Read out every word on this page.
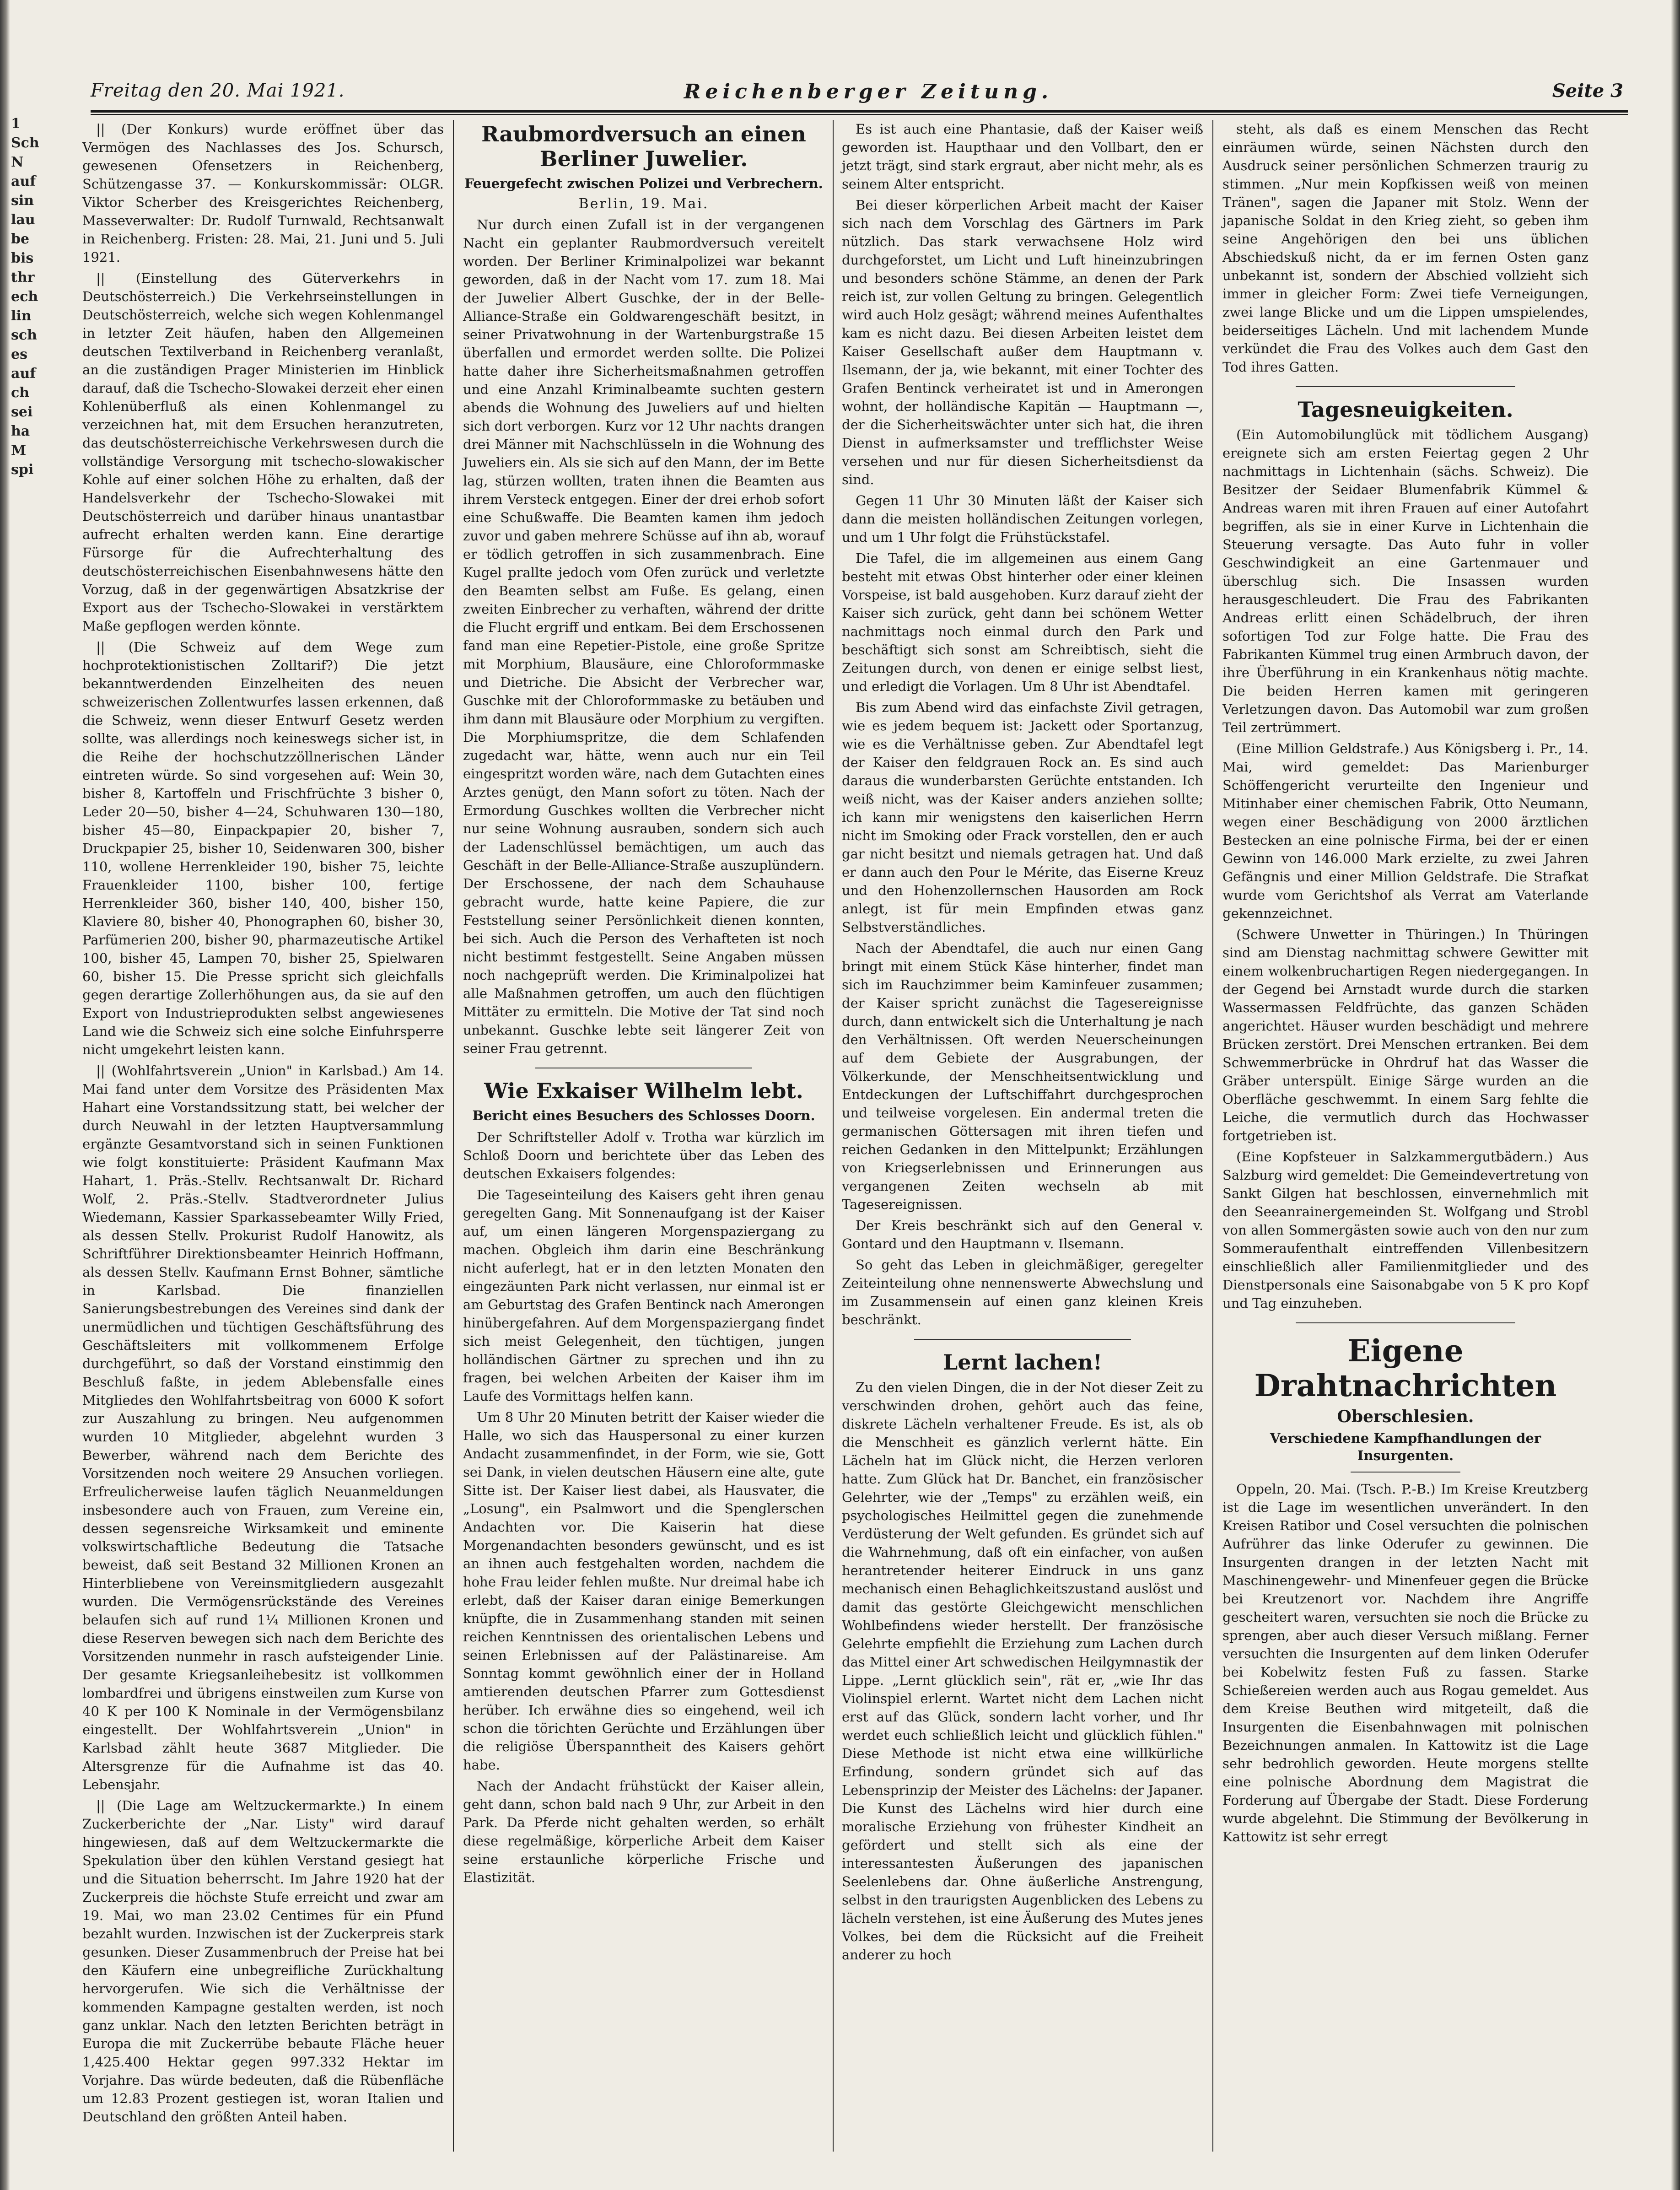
1
Sch
N
auf
sin
lau
be
bis
thr
ech
lin
sch
es
auf
ch
sei
ha
M
spi
Freitag den 20. Mai 1921.	Reichenberger Zeitung.	Seite 3

|| (Der Konkurs) wurde eröffnet über das Vermögen des Nachlasses des Jos. Schursch, gewesenen Ofensetzers in Reichenberg, Schützengasse 37. — Konkurskommissär: OLGR. Viktor Scherber des Kreisgerichtes Reichenberg, Masseverwalter: Dr. Rudolf Turnwald, Rechtsanwalt in Reichenberg. Fristen: 28. Mai, 21. Juni und 5. Juli 1921.

|| (Einstellung des Güterverkehrs in Deutschösterreich.) Die Verkehrseinstellungen in Deutschösterreich, welche sich wegen Kohlenmangel in letzter Zeit häufen, haben den Allgemeinen deutschen Textilverband in Reichenberg veranlaßt, an die zuständigen Prager Ministerien im Hinblick darauf, daß die Tschecho-Slowakei derzeit eher einen Kohlenüberfluß als einen Kohlenmangel zu verzeichnen hat, mit dem Ersuchen heranzutreten, das deutschösterreichische Verkehrswesen durch die vollständige Versorgung mit tschecho-slowakischer Kohle auf einer solchen Höhe zu erhalten, daß der Handelsverkehr der Tschecho-Slowakei mit Deutschösterreich und darüber hinaus unantastbar aufrecht erhalten werden kann. Eine derartige Fürsorge für die Aufrechterhaltung des deutschösterreichischen Eisenbahnwesens hätte den Vorzug, daß in der gegenwärtigen Absatzkrise der Export aus der Tschecho-Slowakei in verstärktem Maße gepflogen werden könnte.

|| (Die Schweiz auf dem Wege zum hochprotektionistischen Zolltarif?) Die jetzt bekanntwerdenden Einzelheiten des neuen schweizerischen Zollentwurfes lassen erkennen, daß die Schweiz, wenn dieser Entwurf Gesetz werden sollte, was allerdings noch keineswegs sicher ist, in die Reihe der hochschutzzöllnerischen Länder eintreten würde. So sind vorgesehen auf: Wein 30, bisher 8, Kartoffeln und Frischfrüchte 3 bisher 0, Leder 20—50, bisher 4—24, Schuhwaren 130—180, bisher 45—80, Einpackpapier 20, bisher 7, Druckpapier 25, bisher 10, Seidenwaren 300, bisher 110, wollene Herrenkleider 190, bisher 75, leichte Frauenkleider 1100, bisher 100, fertige Herrenkleider 360, bisher 140, 400, bisher 150, Klaviere 80, bisher 40, Phonographen 60, bisher 30, Parfümerien 200, bisher 90, pharmazeutische Artikel 100, bisher 45, Lampen 70, bisher 25, Spielwaren 60, bisher 15. Die Presse spricht sich gleichfalls gegen derartige Zollerhöhungen aus, da sie auf den Export von Industrieprodukten selbst angewiesenes Land wie die Schweiz sich eine solche Einfuhrsperre nicht umgekehrt leisten kann.

|| (Wohlfahrtsverein „Union" in Karlsbad.) Am 14. Mai fand unter dem Vorsitze des Präsidenten Max Hahart eine Vorstandssitzung statt, bei welcher der durch Neuwahl in der letzten Hauptversammlung ergänzte Gesamtvorstand sich in seinen Funktionen wie folgt konstituierte: Präsident Kaufmann Max Hahart, 1. Präs.-Stellv. Rechtsanwalt Dr. Richard Wolf, 2. Präs.-Stellv. Stadtverordneter Julius Wiedemann, Kassier Sparkassebeamter Willy Fried, als dessen Stellv. Prokurist Rudolf Hanowitz, als Schriftführer Direktionsbeamter Heinrich Hoffmann, als dessen Stellv. Kaufmann Ernst Bohner, sämtliche in Karlsbad. Die finanziellen Sanierungsbestrebungen des Vereines sind dank der unermüdlichen und tüchtigen Geschäftsführung des Geschäftsleiters mit vollkommenem Erfolge durchgeführt, so daß der Vorstand einstimmig den Beschluß faßte, in jedem Ablebensfalle eines Mitgliedes den Wohlfahrtsbeitrag von 6000 K sofort zur Auszahlung zu bringen. Neu aufgenommen wurden 10 Mitglieder, abgelehnt wurden 3 Bewerber, während nach dem Berichte des Vorsitzenden noch weitere 29 Ansuchen vorliegen. Erfreulicherweise laufen täglich Neuanmeldungen insbesondere auch von Frauen, zum Vereine ein, dessen segensreiche Wirksamkeit und eminente volkswirtschaftliche Bedeutung die Tatsache beweist, daß seit Bestand 32 Millionen Kronen an Hinterbliebene von Vereinsmitgliedern ausgezahlt wurden. Die Vermögensrückstände des Vereines belaufen sich auf rund 1¼ Millionen Kronen und diese Reserven bewegen sich nach dem Berichte des Vorsitzenden nunmehr in rasch aufsteigender Linie. Der gesamte Kriegsanleihebesitz ist vollkommen lombardfrei und übrigens einstweilen zum Kurse von 40 K per 100 K Nominale in der Vermögensbilanz eingestellt. Der Wohlfahrtsverein „Union" in Karlsbad zählt heute 3687 Mitglieder. Die Altersgrenze für die Aufnahme ist das 40. Lebensjahr.

|| (Die Lage am Weltzuckermarkte.) In einem Zuckerberichte der „Nar. Listy" wird darauf hingewiesen, daß auf dem Weltzuckermarkte die Spekulation über den kühlen Verstand gesiegt hat und die Situation beherrscht. Im Jahre 1920 hat der Zuckerpreis die höchste Stufe erreicht und zwar am 19. Mai, wo man 23.02 Centimes für ein Pfund bezahlt wurden. Inzwischen ist der Zuckerpreis stark gesunken. Dieser Zusammenbruch der Preise hat bei den Käufern eine unbegreifliche Zurückhaltung hervorgerufen. Wie sich die Verhältnisse der kommenden Kampagne gestalten werden, ist noch ganz unklar. Nach den letzten Berichten beträgt in Europa die mit Zuckerrübe bebaute Fläche heuer 1,425.400 Hektar gegen 997.332 Hektar im Vorjahre. Das würde bedeuten, daß die Rübenfläche um 12.83 Prozent gestiegen ist, woran Italien und Deutschland den größten Anteil haben.

Raubmordversuch an einen Berliner Juwelier.
Feuergefecht zwischen Polizei und Verbrechern.
Berlin, 19. Mai.

Nur durch einen Zufall ist in der vergangenen Nacht ein geplanter Raubmordversuch vereitelt worden. Der Berliner Kriminalpolizei war bekannt geworden, daß in der Nacht vom 17. zum 18. Mai der Juwelier Albert Guschke, der in der Belle-Alliance-Straße ein Goldwarengeschäft besitzt, in seiner Privatwohnung in der Wartenburgstraße 15 überfallen und ermordet werden sollte. Die Polizei hatte daher ihre Sicherheitsmaßnahmen getroffen und eine Anzahl Kriminalbeamte suchten gestern abends die Wohnung des Juweliers auf und hielten sich dort verborgen. Kurz vor 12 Uhr nachts drangen drei Männer mit Nachschlüsseln in die Wohnung des Juweliers ein. Als sie sich auf den Mann, der im Bette lag, stürzen wollten, traten ihnen die Beamten aus ihrem Versteck entgegen. Einer der drei erhob sofort eine Schußwaffe. Die Beamten kamen ihm jedoch zuvor und gaben mehrere Schüsse auf ihn ab, worauf er tödlich getroffen in sich zusammenbrach. Eine Kugel prallte jedoch vom Ofen zurück und verletzte den Beamten selbst am Fuße. Es gelang, einen zweiten Einbrecher zu verhaften, während der dritte die Flucht ergriff und entkam. Bei dem Erschossenen fand man eine Repetier-Pistole, eine große Spritze mit Morphium, Blausäure, eine Chloroformmaske und Dietriche. Die Absicht der Verbrecher war, Guschke mit der Chloroformmaske zu betäuben und ihm dann mit Blausäure oder Morphium zu vergiften. Die Morphiumspritze, die dem Schlafenden zugedacht war, hätte, wenn auch nur ein Teil eingespritzt worden wäre, nach dem Gutachten eines Arztes genügt, den Mann sofort zu töten. Nach der Ermordung Guschkes wollten die Verbrecher nicht nur seine Wohnung ausrauben, sondern sich auch der Ladenschlüssel bemächtigen, um auch das Geschäft in der Belle-Alliance-Straße auszuplündern. Der Erschossene, der nach dem Schauhause gebracht wurde, hatte keine Papiere, die zur Feststellung seiner Persönlichkeit dienen konnten, bei sich. Auch die Person des Verhafteten ist noch nicht bestimmt festgestellt. Seine Angaben müssen noch nachgeprüft werden. Die Kriminalpolizei hat alle Maßnahmen getroffen, um auch den flüchtigen Mittäter zu ermitteln. Die Motive der Tat sind noch unbekannt. Guschke lebte seit längerer Zeit von seiner Frau getrennt.

Wie Exkaiser Wilhelm lebt.
Bericht eines Besuchers des Schlosses Doorn.

Der Schriftsteller Adolf v. Trotha war kürzlich im Schloß Doorn und berichtete über das Leben des deutschen Exkaisers folgendes:

Die Tageseinteilung des Kaisers geht ihren genau geregelten Gang. Mit Sonnenaufgang ist der Kaiser auf, um einen längeren Morgenspaziergang zu machen. Obgleich ihm darin eine Beschränkung nicht auferlegt, hat er in den letzten Monaten den eingezäunten Park nicht verlassen, nur einmal ist er am Geburtstag des Grafen Bentinck nach Amerongen hinübergefahren. Auf dem Morgenspaziergang findet sich meist Gelegenheit, den tüchtigen, jungen holländischen Gärtner zu sprechen und ihn zu fragen, bei welchen Arbeiten der Kaiser ihm im Laufe des Vormittags helfen kann.

Um 8 Uhr 20 Minuten betritt der Kaiser wieder die Halle, wo sich das Hauspersonal zu einer kurzen Andacht zusammenfindet, in der Form, wie sie, Gott sei Dank, in vielen deutschen Häusern eine alte, gute Sitte ist. Der Kaiser liest dabei, als Hausvater, die „Losung", ein Psalmwort und die Spenglerschen Andachten vor. Die Kaiserin hat diese Morgenandachten besonders gewünscht, und es ist an ihnen auch festgehalten worden, nachdem die hohe Frau leider fehlen mußte. Nur dreimal habe ich erlebt, daß der Kaiser daran einige Bemerkungen knüpfte, die in Zusammenhang standen mit seinen reichen Kenntnissen des orientalischen Lebens und seinen Erlebnissen auf der Palästinareise. Am Sonntag kommt gewöhnlich einer der in Holland amtierenden deutschen Pfarrer zum Gottesdienst herüber. Ich erwähne dies so eingehend, weil ich schon die törichten Gerüchte und Erzählungen über die religiöse Überspanntheit des Kaisers gehört habe.

Nach der Andacht frühstückt der Kaiser allein, geht dann, schon bald nach 9 Uhr, zur Arbeit in den Park. Da Pferde nicht gehalten werden, so erhält diese regelmäßige, körperliche Arbeit dem Kaiser seine erstaunliche körperliche Frische und Elastizität.

Es ist auch eine Phantasie, daß der Kaiser weiß geworden ist. Haupthaar und den Vollbart, den er jetzt trägt, sind stark ergraut, aber nicht mehr, als es seinem Alter entspricht.

Bei dieser körperlichen Arbeit macht der Kaiser sich nach dem Vorschlag des Gärtners im Park nützlich. Das stark verwachsene Holz wird durchgeforstet, um Licht und Luft hineinzubringen und besonders schöne Stämme, an denen der Park reich ist, zur vollen Geltung zu bringen. Gelegentlich wird auch Holz gesägt; während meines Aufenthaltes kam es nicht dazu. Bei diesen Arbeiten leistet dem Kaiser Gesellschaft außer dem Hauptmann v. Ilsemann, der ja, wie bekannt, mit einer Tochter des Grafen Bentinck verheiratet ist und in Amerongen wohnt, der holländische Kapitän — Hauptmann —, der die Sicherheitswächter unter sich hat, die ihren Dienst in aufmerksamster und trefflichster Weise versehen und nur für diesen Sicherheitsdienst da sind.

Gegen 11 Uhr 30 Minuten läßt der Kaiser sich dann die meisten holländischen Zeitungen vorlegen, und um 1 Uhr folgt die Frühstückstafel.

Die Tafel, die im allgemeinen aus einem Gang besteht mit etwas Obst hinterher oder einer kleinen Vorspeise, ist bald ausgehoben. Kurz darauf zieht der Kaiser sich zurück, geht dann bei schönem Wetter nachmittags noch einmal durch den Park und beschäftigt sich sonst am Schreibtisch, sieht die Zeitungen durch, von denen er einige selbst liest, und erledigt die Vorlagen. Um 8 Uhr ist Abendtafel.

Bis zum Abend wird das einfachste Zivil getragen, wie es jedem bequem ist: Jackett oder Sportanzug, wie es die Verhältnisse geben. Zur Abendtafel legt der Kaiser den feldgrauen Rock an. Es sind auch daraus die wunderbarsten Gerüchte entstanden. Ich weiß nicht, was der Kaiser anders anziehen sollte; ich kann mir wenigstens den kaiserlichen Herrn nicht im Smoking oder Frack vorstellen, den er auch gar nicht besitzt und niemals getragen hat. Und daß er dann auch den Pour le Mérite, das Eiserne Kreuz und den Hohenzollernschen Hausorden am Rock anlegt, ist für mein Empfinden etwas ganz Selbstverständliches.

Nach der Abendtafel, die auch nur einen Gang bringt mit einem Stück Käse hinterher, findet man sich im Rauchzimmer beim Kaminfeuer zusammen; der Kaiser spricht zunächst die Tagesereignisse durch, dann entwickelt sich die Unterhaltung je nach den Verhältnissen. Oft werden Neuerscheinungen auf dem Gebiete der Ausgrabungen, der Völkerkunde, der Menschheitsentwicklung und Entdeckungen der Luftschiffahrt durchgesprochen und teilweise vorgelesen. Ein andermal treten die germanischen Göttersagen mit ihren tiefen und reichen Gedanken in den Mittelpunkt; Erzählungen von Kriegserlebnissen und Erinnerungen aus vergangenen Zeiten wechseln ab mit Tagesereignissen.

Der Kreis beschränkt sich auf den General v. Gontard und den Hauptmann v. Ilsemann.

So geht das Leben in gleichmäßiger, geregelter Zeiteinteilung ohne nennenswerte Abwechslung und im Zusammensein auf einen ganz kleinen Kreis beschränkt.

Lernt lachen!

Zu den vielen Dingen, die in der Not dieser Zeit zu verschwinden drohen, gehört auch das feine, diskrete Lächeln verhaltener Freude. Es ist, als ob die Menschheit es gänzlich verlernt hätte. Ein Lächeln hat im Glück nicht, die Herzen verloren hatte. Zum Glück hat Dr. Banchet, ein französischer Gelehrter, wie der „Temps" zu erzählen weiß, ein psychologisches Heilmittel gegen die zunehmende Verdüsterung der Welt gefunden. Es gründet sich auf die Wahrnehmung, daß oft ein einfacher, von außen herantretender heiterer Eindruck in uns ganz mechanisch einen Behaglichkeitszustand auslöst und damit das gestörte Gleichgewicht menschlichen Wohlbefindens wieder herstellt. Der französische Gelehrte empfiehlt die Erziehung zum Lachen durch das Mittel einer Art schwedischen Heilgymnastik der Lippe. „Lernt glücklich sein", rät er, „wie Ihr das Violinspiel erlernt. Wartet nicht dem Lachen nicht erst auf das Glück, sondern lacht vorher, und Ihr werdet euch schließlich leicht und glücklich fühlen." Diese Methode ist nicht etwa eine willkürliche Erfindung, sondern gründet sich auf das Lebensprinzip der Meister des Lächelns: der Japaner. Die Kunst des Lächelns wird hier durch eine moralische Erziehung von frühester Kindheit an gefördert und stellt sich als eine der interessantesten Äußerungen des japanischen Seelenlebens dar. Ohne äußerliche Anstrengung, selbst in den traurigsten Augenblicken des Lebens zu lächeln verstehen, ist eine Äußerung des Mutes jenes Volkes, bei dem die Rücksicht auf die Freiheit anderer zu hoch

steht, als daß es einem Menschen das Recht einräumen würde, seinen Nächsten durch den Ausdruck seiner persönlichen Schmerzen traurig zu stimmen. „Nur mein Kopfkissen weiß von meinen Tränen", sagen die Japaner mit Stolz. Wenn der japanische Soldat in den Krieg zieht, so geben ihm seine Angehörigen den bei uns üblichen Abschiedskuß nicht, da er im fernen Osten ganz unbekannt ist, sondern der Abschied vollzieht sich immer in gleicher Form: Zwei tiefe Verneigungen, zwei lange Blicke und um die Lippen umspielendes, beiderseitiges Lächeln. Und mit lachendem Munde verkündet die Frau des Volkes auch dem Gast den Tod ihres Gatten.

Tagesneuigkeiten.

(Ein Automobilunglück mit tödlichem Ausgang) ereignete sich am ersten Feiertag gegen 2 Uhr nachmittags in Lichtenhain (sächs. Schweiz). Die Besitzer der Seidaer Blumenfabrik Kümmel & Andreas waren mit ihren Frauen auf einer Autofahrt begriffen, als sie in einer Kurve in Lichtenhain die Steuerung versagte. Das Auto fuhr in voller Geschwindigkeit an eine Gartenmauer und überschlug sich. Die Insassen wurden herausgeschleudert. Die Frau des Fabrikanten Andreas erlitt einen Schädelbruch, der ihren sofortigen Tod zur Folge hatte. Die Frau des Fabrikanten Kümmel trug einen Armbruch davon, der ihre Überführung in ein Krankenhaus nötig machte. Die beiden Herren kamen mit geringeren Verletzungen davon. Das Automobil war zum großen Teil zertrümmert.

(Eine Million Geldstrafe.) Aus Königsberg i. Pr., 14. Mai, wird gemeldet: Das Marienburger Schöffengericht verurteilte den Ingenieur und Mitinhaber einer chemischen Fabrik, Otto Neumann, wegen einer Beschädigung von 2000 ärztlichen Bestecken an eine polnische Firma, bei der er einen Gewinn von 146.000 Mark erzielte, zu zwei Jahren Gefängnis und einer Million Geldstrafe. Die Strafkat wurde vom Gerichtshof als Verrat am Vaterlande gekennzeichnet.

(Schwere Unwetter in Thüringen.) In Thüringen sind am Dienstag nachmittag schwere Gewitter mit einem wolkenbruchartigen Regen niedergegangen. In der Gegend bei Arnstadt wurde durch die starken Wassermassen Feldfrüchte, das ganzen Schäden angerichtet. Häuser wurden beschädigt und mehrere Brücken zerstört. Drei Menschen ertranken. Bei dem Schwemmerbrücke in Ohrdruf hat das Wasser die Gräber unterspült. Einige Särge wurden an die Oberfläche geschwemmt. In einem Sarg fehlte die Leiche, die vermutlich durch das Hochwasser fortgetrieben ist.

(Eine Kopfsteuer in Salzkammergutbädern.) Aus Salzburg wird gemeldet: Die Gemeindevertretung von Sankt Gilgen hat beschlossen, einvernehmlich mit den Seeanrainergemeinden St. Wolfgang und Strobl von allen Sommergästen sowie auch von den nur zum Sommeraufenthalt eintreffenden Villenbesitzern einschließlich aller Familienmitglieder und des Dienstpersonals eine Saisonabgabe von 5 K pro Kopf und Tag einzuheben.

Eigene Drahtnachrichten
Oberschlesien.
Verschiedene Kampfhandlungen der Insurgenten.

Oppeln, 20. Mai. (Tsch. P.-B.) Im Kreise Kreutzberg ist die Lage im wesentlichen unverändert. In den Kreisen Ratibor und Cosel versuchten die polnischen Aufrührer das linke Oderufer zu gewinnen. Die Insurgenten drangen in der letzten Nacht mit Maschinengewehr- und Minenfeuer gegen die Brücke bei Kreutzenort vor. Nachdem ihre Angriffe gescheitert waren, versuchten sie noch die Brücke zu sprengen, aber auch dieser Versuch mißlang. Ferner versuchten die Insurgenten auf dem linken Oderufer bei Kobelwitz festen Fuß zu fassen. Starke Schießereien werden auch aus Rogau gemeldet. Aus dem Kreise Beuthen wird mitgeteilt, daß die Insurgenten die Eisenbahnwagen mit polnischen Bezeichnungen anmalen. In Kattowitz ist die Lage sehr bedrohlich geworden. Heute morgens stellte eine polnische Abordnung dem Magistrat die Forderung auf Übergabe der Stadt. Diese Forderung wurde abgelehnt. Die Stimmung der Bevölkerung in Kattowitz ist sehr erregt
